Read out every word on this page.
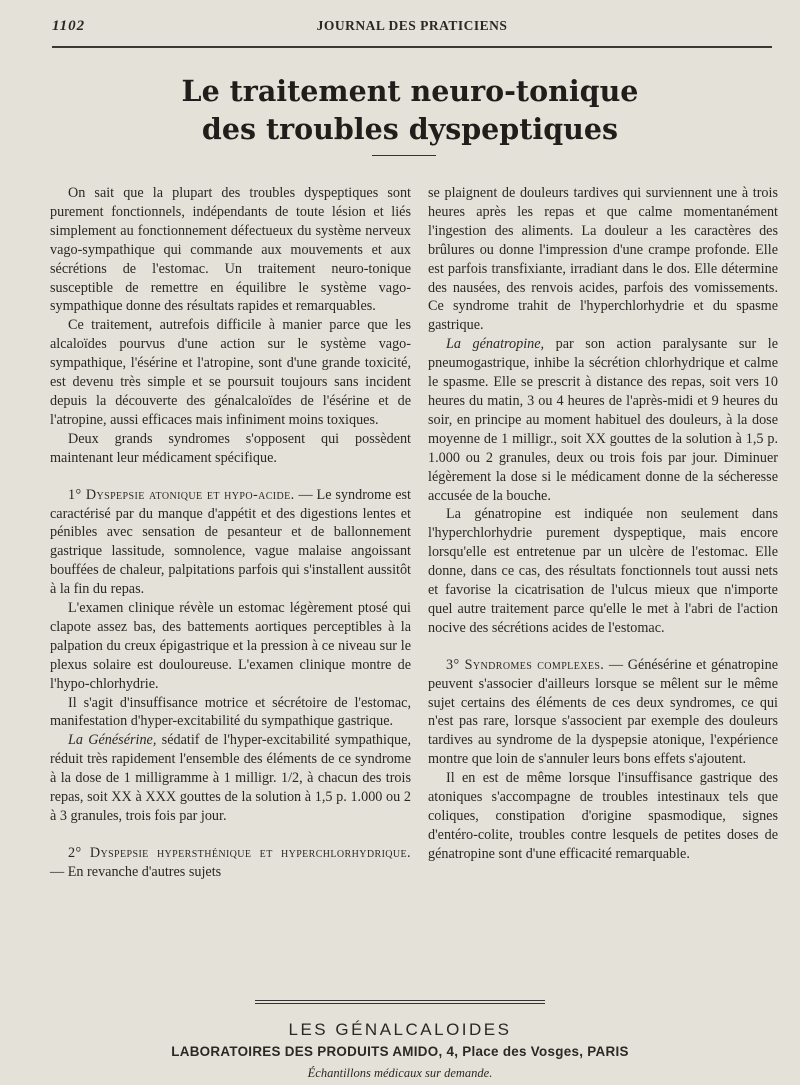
1102	JOURNAL DES PRATICIENS
Le traitement neuro-tonique
des troubles dyspeptiques

On sait que la plupart des troubles dyspeptiques sont purement fonctionnels, indépendants de toute lésion et liés simplement au fonctionnement défectueux du système nerveux vago-sympathique qui commande aux mouvements et aux sécrétions de l'estomac. Un traitement neuro-tonique susceptible de remettre en équilibre le système vago-sympathique donne des résultats rapides et remarquables.

Ce traitement, autrefois difficile à manier parce que les alcaloïdes pourvus d'une action sur le système vago-sympathique, l'ésérine et l'atropine, sont d'une grande toxicité, est devenu très simple et se poursuit toujours sans incident depuis la découverte des génalcaloïdes de l'ésérine et de l'atropine, aussi efficaces mais infiniment moins toxiques.

Deux grands syndromes s'opposent qui possèdent maintenant leur médicament spécifique.

1° Dyspepsie atonique et hypo-acide. — Le syndrome est caractérisé par du manque d'appétit et des digestions lentes et pénibles avec sensation de pesanteur et de ballonnement gastrique lassitude, somnolence, vague malaise angoissant bouffées de chaleur, palpitations parfois qui s'installent aussitôt à la fin du repas.

L'examen clinique révèle un estomac légèrement ptosé qui clapote assez bas, des battements aortiques perceptibles à la palpation du creux épigastrique et la pression à ce niveau sur le plexus solaire est douloureuse. L'examen clinique montre de l'hypo-chlorhydrie.

Il s'agit d'insuffisance motrice et sécrétoire de l'estomac, manifestation d'hyper-excitabilité du sympathique gastrique.

La Génésérine, sédatif de l'hyper-excitabilité sympathique, réduit très rapidement l'ensemble des éléments de ce syndrome à la dose de 1 milligramme à 1 milligr. 1/2, à chacun des trois repas, soit XX à XXX gouttes de la solution à 1,5 p. 1.000 ou 2 à 3 granules, trois fois par jour.

2° Dyspepsie hypersthénique et hyperchlorhydrique. — En revanche d'autres sujets

se plaignent de douleurs tardives qui surviennent une à trois heures après les repas et que calme momentanément l'ingestion des aliments. La douleur a les caractères des brûlures ou donne l'impression d'une crampe profonde. Elle est parfois transfixiante, irradiant dans le dos. Elle détermine des nausées, des renvois acides, parfois des vomissements. Ce syndrome trahit de l'hyperchlorhydrie et du spasme gastrique.

La génatropine, par son action paralysante sur le pneumogastrique, inhibe la sécrétion chlorhydrique et calme le spasme. Elle se prescrit à distance des repas, soit vers 10 heures du matin, 3 ou 4 heures de l'après-midi et 9 heures du soir, en principe au moment habituel des douleurs, à la dose moyenne de 1 milligr., soit XX gouttes de la solution à 1,5 p. 1.000 ou 2 granules, deux ou trois fois par jour. Diminuer légèrement la dose si le médicament donne de la sécheresse accusée de la bouche.

La génatropine est indiquée non seulement dans l'hyperchlorhydrie purement dyspeptique, mais encore lorsqu'elle est entretenue par un ulcère de l'estomac. Elle donne, dans ce cas, des résultats fonctionnels tout aussi nets et favorise la cicatrisation de l'ulcus mieux que n'importe quel autre traitement parce qu'elle le met à l'abri de l'action nocive des sécrétions acides de l'estomac.

3° Syndromes complexes. — Génésérine et génatropine peuvent s'associer d'ailleurs lorsque se mêlent sur le même sujet certains des éléments de ces deux syndromes, ce qui n'est pas rare, lorsque s'associent par exemple des douleurs tardives au syndrome de la dyspepsie atonique, l'expérience montre que loin de s'annuler leurs bons effets s'ajoutent.

Il en est de même lorsque l'insuffisance gastrique des atoniques s'accompagne de troubles intestinaux tels que coliques, constipation d'origine spasmodique, signes d'entéro-colite, troubles contre lesquels de petites doses de génatropine sont d'une efficacité remarquable.

LES GÉNALCALOIDES
LABORATOIRES DES PRODUITS AMIDO, 4, Place des Vosges, PARIS
Échantillons médicaux sur demande.
